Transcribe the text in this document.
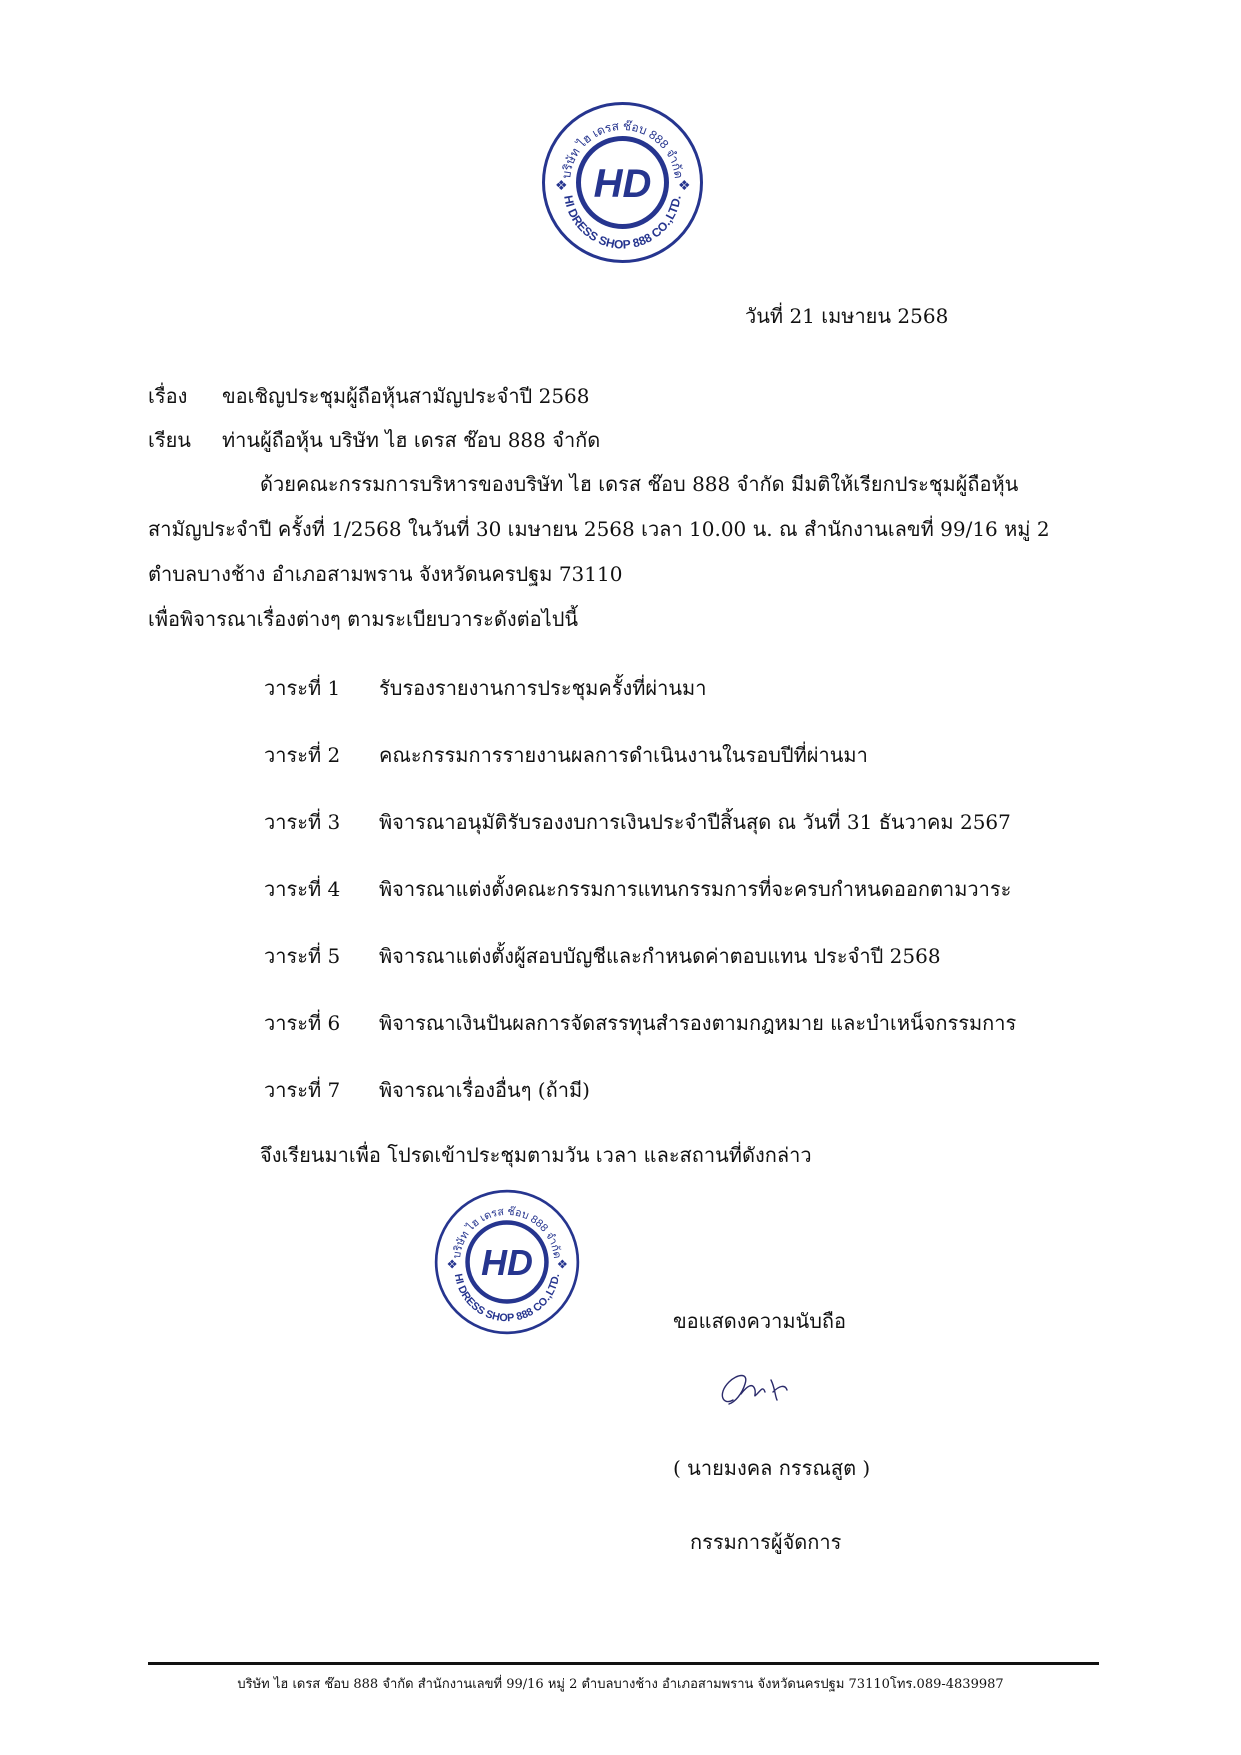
HD
บริษัท ไฮ เดรส ช๊อบ 888 จำกัด
HI DRESS SHOP 888 CO.,LTD.
❖	❖
วันที่ 21 เมษายน 2568
เรื่อง ขอเชิญประชุมผู้ถือหุ้นสามัญประจำปี 2568
เรียน ท่านผู้ถือหุ้น บริษัท ไฮ เดรส ช๊อบ 888 จำกัด
ด้วยคณะกรรมการบริหารของบริษัท ไฮ เดรส ช๊อบ 888 จำกัด มีมติให้เรียกประชุมผู้ถือหุ้น
สามัญประจำปี ครั้งที่ 1/2568 ในวันที่ 30 เมษายน 2568 เวลา 10.00 น. ณ สำนักงานเลขที่ 99/16 หมู่ 2
ตำบลบางช้าง อำเภอสามพราน จังหวัดนครปฐม 73110
เพื่อพิจารณาเรื่องต่างๆ ตามระเบียบวาระดังต่อไปนี้
วาระที่ 1 รับรองรายงานการประชุมครั้งที่ผ่านมา
วาระที่ 2 คณะกรรมการรายงานผลการดำเนินงานในรอบปีที่ผ่านมา
วาระที่ 3 พิจารณาอนุมัติรับรองงบการเงินประจำปีสิ้นสุด ณ วันที่ 31 ธันวาคม 2567
วาระที่ 4 พิจารณาแต่งตั้งคณะกรรมการแทนกรรมการที่จะครบกำหนดออกตามวาระ
วาระที่ 5 พิจารณาแต่งตั้งผู้สอบบัญชีและกำหนดค่าตอบแทน ประจำปี 2568
วาระที่ 6 พิจารณาเงินปันผลการจัดสรรทุนสำรองตามกฎหมาย และบำเหน็จกรรมการ
วาระที่ 7 พิจารณาเรื่องอื่นๆ (ถ้ามี)
จึงเรียนมาเพื่อ โปรดเข้าประชุมตามวัน เวลา และสถานที่ดังกล่าว
HD
บริษัท ไฮ เดรส ช๊อบ 888 จำกัด
HI DRESS SHOP 888 CO.,LTD.
❖	❖
ขอแสดงความนับถือ
( นายมงคล กรรณสูต )
กรรมการผู้จัดการ
บริษัท ไฮ เดรส ช๊อบ 888 จำกัด สำนักงานเลขที่ 99/16 หมู่ 2 ตำบลบางช้าง อำเภอสามพราน จังหวัดนครปฐม 73110โทร.089-4839987
